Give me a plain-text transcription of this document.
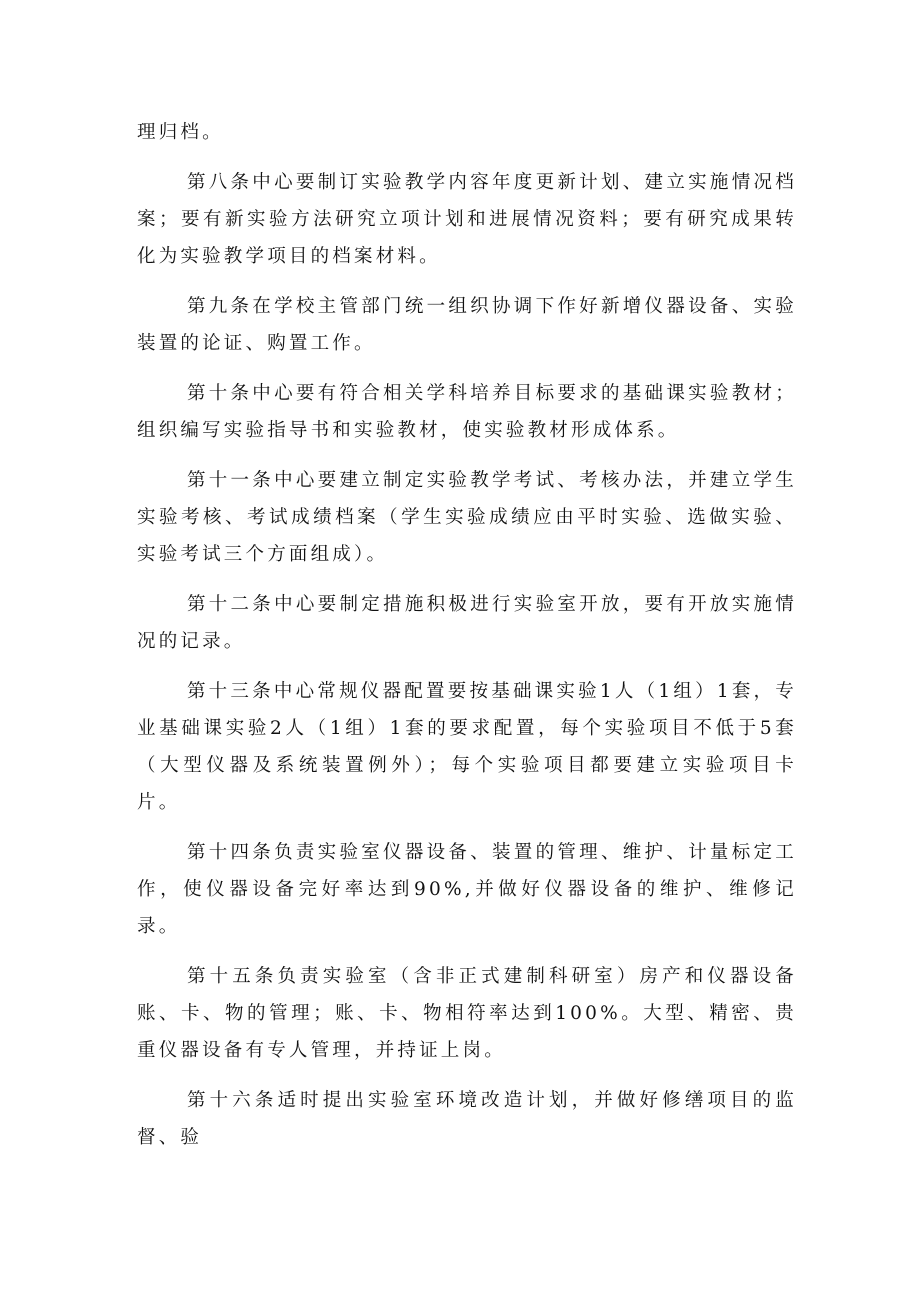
理归档。

第八条中心要制订实验教学内容年度更新计划、建立实施情况档案；要有新实验方法研究立项计划和进展情况资料；要有研究成果转化为实验教学项目的档案材料。

第九条在学校主管部门统一组织协调下作好新增仪器设备、实验装置的论证、购置工作。

第十条中心要有符合相关学科培养目标要求的基础课实验教材；组织编写实验指导书和实验教材，使实验教材形成体系。

第十一条中心要建立制定实验教学考试、考核办法，并建立学生实验考核、考试成绩档案（学生实验成绩应由平时实验、选做实验、实验考试三个方面组成）。

第十二条中心要制定措施积极进行实验室开放，要有开放实施情况的记录。

第十三条中心常规仪器配置要按基础课实验1人（1组）1套，专业基础课实验2人（1组）1套的要求配置，每个实验项目不低于5套（大型仪器及系统装置例外）；每个实验项目都要建立实验项目卡片。

第十四条负责实验室仪器设备、装置的管理、维护、计量标定工作，使仪器设备完好率达到90%,并做好仪器设备的维护、维修记录。

第十五条负责实验室（含非正式建制科研室）房产和仪器设备账、卡、物的管理；账、卡、物相符率达到100%。大型、精密、贵重仪器设备有专人管理，并持证上岗。

第十六条适时提出实验室环境改造计划，并做好修缮项目的监督、验
